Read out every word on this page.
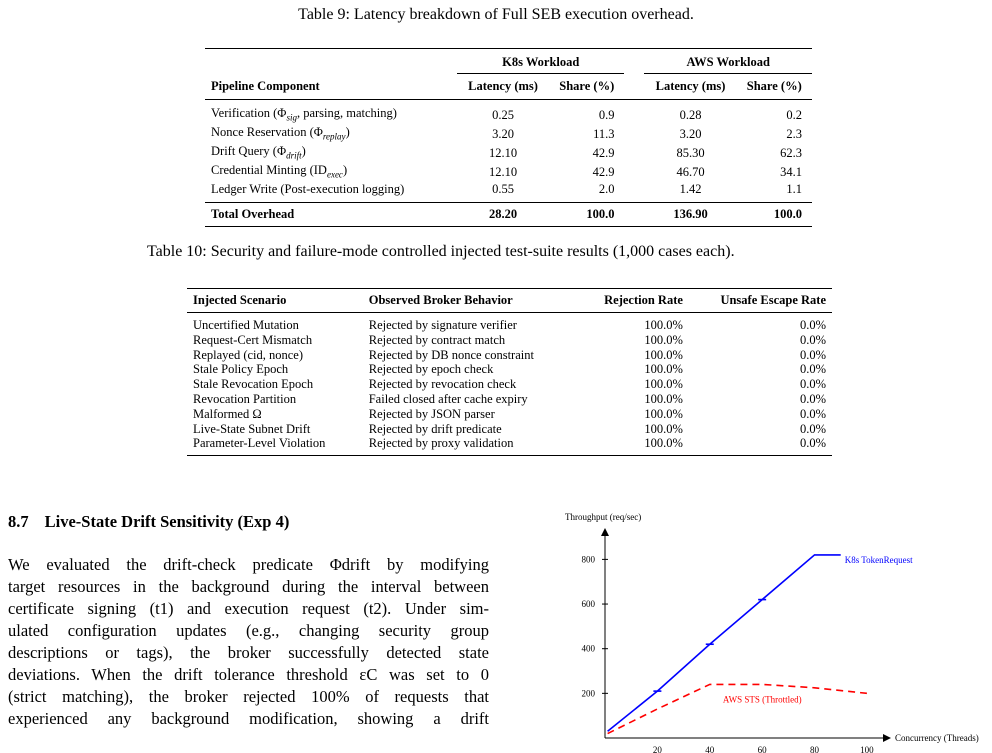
Table 9: Latency breakdown of Full SEB execution overhead.
	K8s Workload			AWS Workload	
Pipeline Component	Latency (ms)	Share (%)		Latency (ms)	Share (%)
Verification ($\Phi_{sig}$, parsing, matching)	0.25	0.9		0.28	0.2
Nonce Reservation $(\Phi_{replay})$	3.20	11.3		3.20	2.3
Drift Query $(\Phi_{drift})$	12.10	42.9		85.30	62.3
Credential Minting $(ID_{exec})$	12.10	42.9		46.70	34.1
Ledger Write (Post-execution logging)	0.55	2.0		1.42	1.1
Total Overhead	28.20	100.0		136.90	100.0
Table 10: Security and failure-mode controlled injected test-suite results (1,000 cases each).
Injected Scenario	Observed Broker Behavior	Rejection Rate	Unsafe Escape Rate
Uncertified Mutation	Rejected by signature verifier	100.0%	0.0%
Request-Cert Mismatch	Rejected by contract match	100.0%	0.0%
Replayed (cid, nonce)	Rejected by DB nonce constraint	100.0%	0.0%
Stale Policy Epoch	Rejected by epoch check	100.0%	0.0%
Stale Revocation Epoch	Rejected by revocation check	100.0%	0.0%
Revocation Partition	Failed closed after cache expiry	100.0%	0.0%
Malformed Ω	Rejected by JSON parser	100.0%	0.0%
Live-State Subnet Drift	Rejected by drift predicate	100.0%	0.0%
Parameter-Level Violation	Rejected by proxy validation	100.0%	0.0%
8.7 Live-State Drift Sensitivity (Exp 4)
We evaluated the drift-check predicate Φdrift by modifying
target resources in the background during the interval between
certificate signing (t1) and execution request (t2). Under sim-
ulated configuration updates (e.g., changing security group
descriptions or tags), the broker successfully detected state
deviations. When the drift tolerance threshold εC was set to 0
(strict matching), the broker rejected 100% of requests that
experienced any background modification, showing a drift
Throughput (req/sec)
Concurrency (Threads)
200
400
600
800
20	40	60	80	100
K8s TokenRequest
AWS STS (Throttled)
